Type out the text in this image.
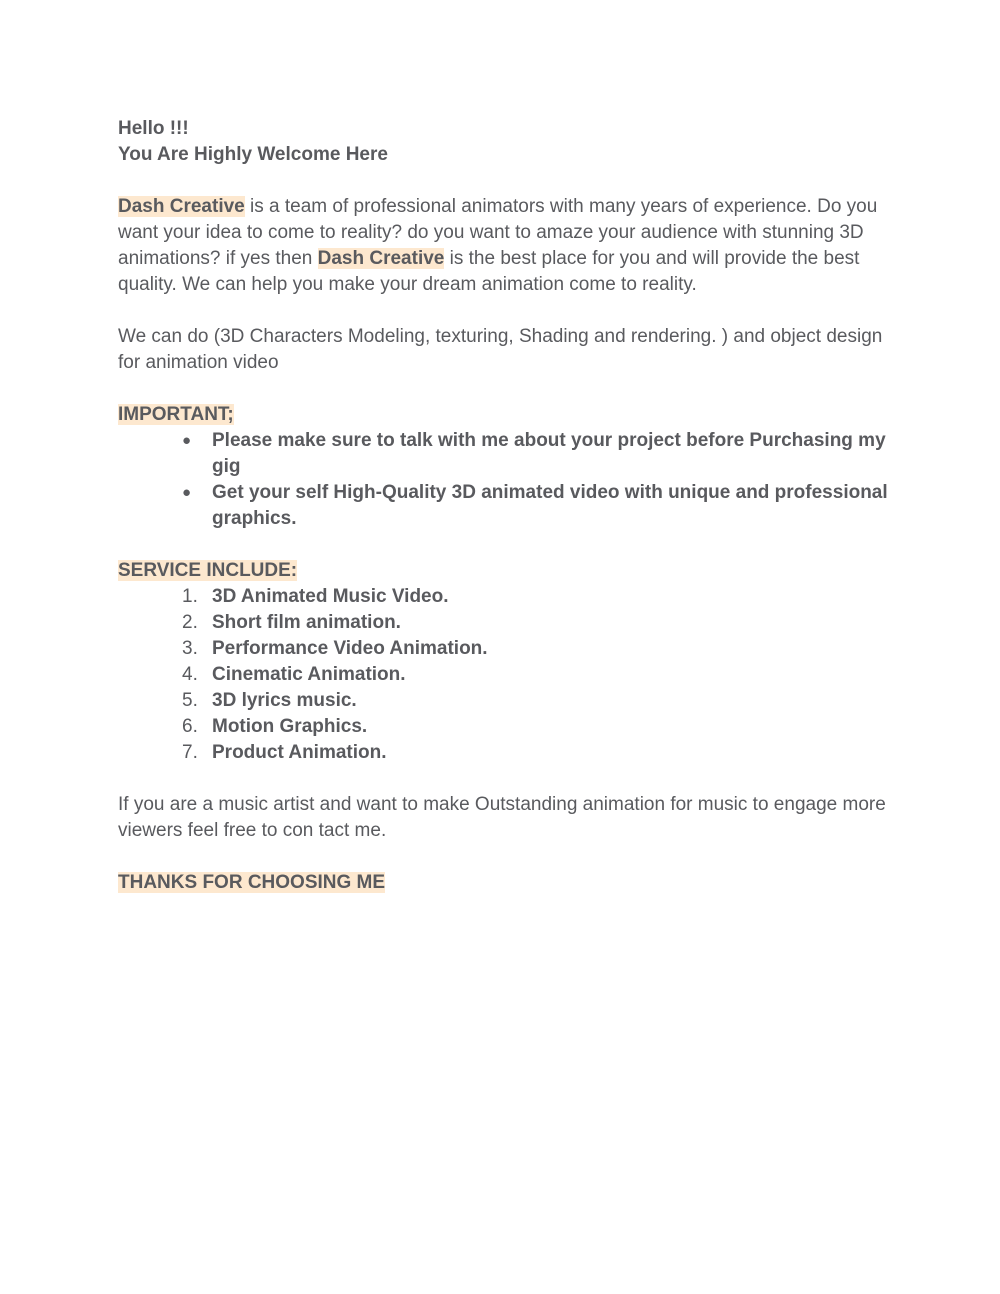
Hello !!!

You Are Highly Welcome Here

Dash Creative is a team of professional animators with many years of experience. Do you want your idea to come to reality? do you want to amaze your audience with stunning 3D animations? if yes then Dash Creative is the best place for you and will provide the best quality. We can help you make your dream animation come to reality.

We can do (3D Characters Modeling, texturing, Shading and rendering. ) and object design for animation video

IMPORTANT;

● Please make sure to talk with me about your project before Purchasing my gig
● Get your self High-Quality 3D animated video with unique and professional graphics.

SERVICE INCLUDE:

1. 3D Animated Music Video.
2. Short film animation.
3. Performance Video Animation.
4. Cinematic Animation.
5. 3D lyrics music.
6. Motion Graphics.
7. Product Animation.

If you are a music artist and want to make Outstanding animation for music to engage more viewers feel free to con tact me.

THANKS FOR CHOOSING ME
